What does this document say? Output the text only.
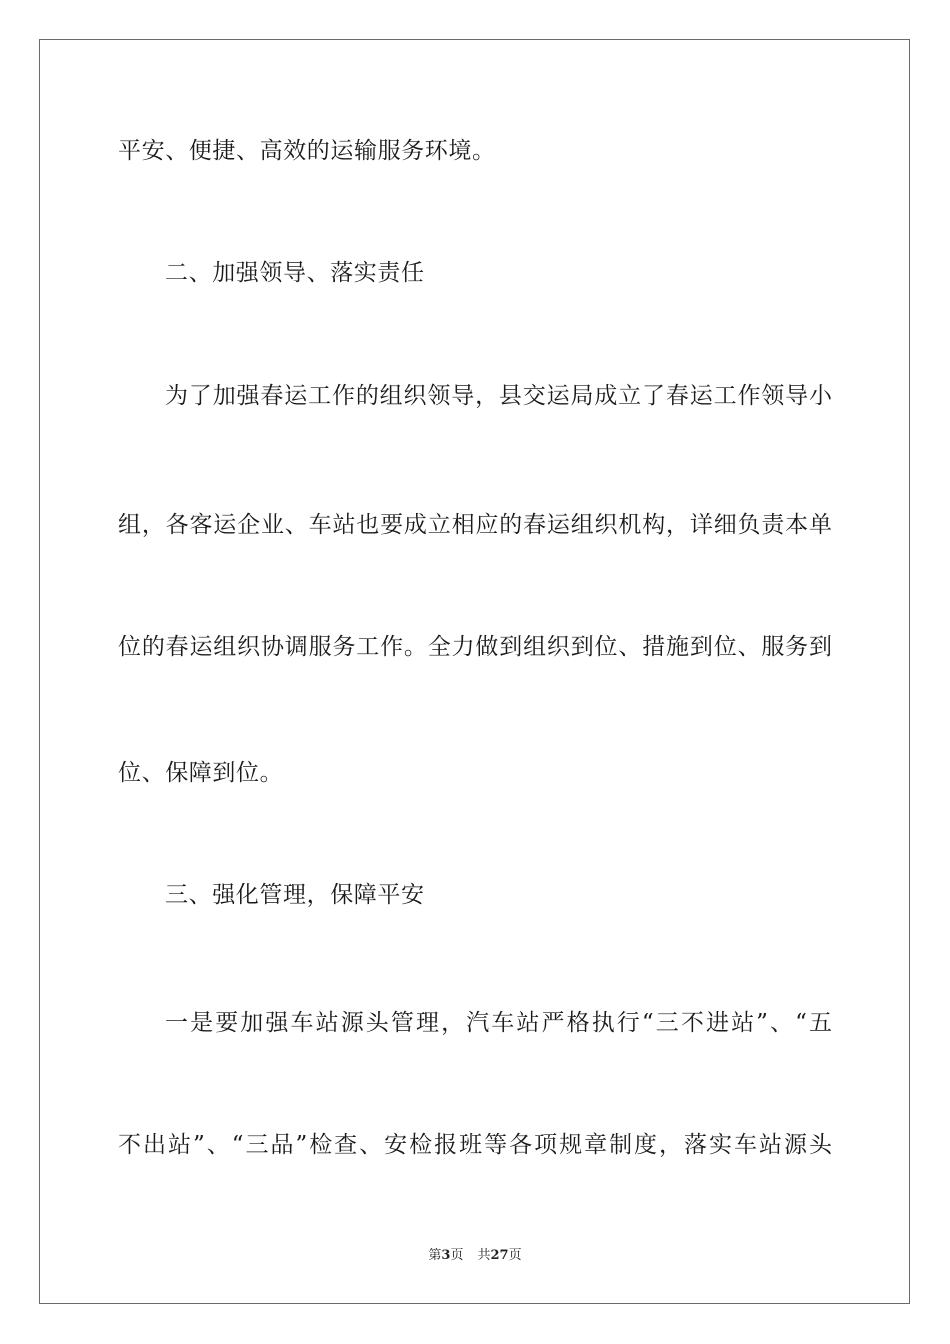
平安、便捷、高效的运输服务环境。
二、加强领导、落实责任
为了加强春运工作的组织领导，县交运局成立了春运工作领导小
组，各客运企业、车站也要成立相应的春运组织机构，详细负责本单
位的春运组织协调服务工作。全力做到组织到位、措施到位、服务到
位、保障到位。
三、强化管理，保障平安
一是要加强车站源头管理，汽车站严格执行“三不进站”、“五
不出站”、“三品”检查、安检报班等各项规章制度，落实车站源头
第3页 共27页
